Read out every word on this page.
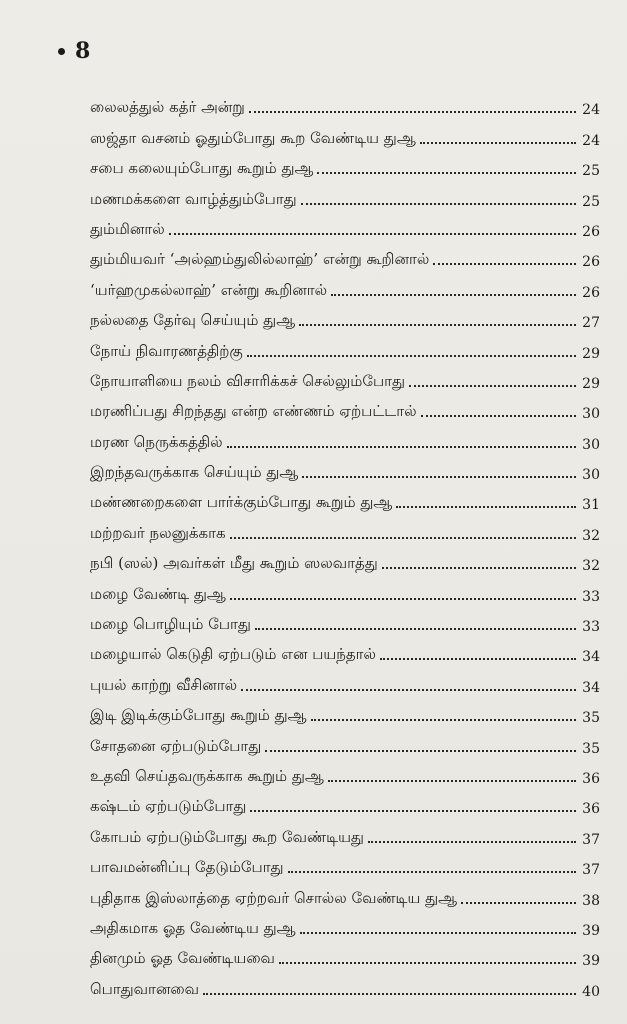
8
லைலத்துல் கத்ர் அன்று	24
ஸஜ்தா வசனம் ஓதும்போது கூற வேண்டிய துஆ	24
சபை கலையும்போது கூறும் துஆ	25
மணமக்களை வாழ்த்தும்போது	25
தும்மினால்	26
தும்மியவர் ‘அல்ஹம்துலில்லாஹ்’ என்று கூறினால்	26
‘யர்ஹமுகல்லாஹ்’ என்று கூறினால்	26
நல்லதை தேர்வு செய்யும் துஆ	27
நோய் நிவாரணத்திற்கு	29
நோயாளியை நலம் விசாரிக்கச் செல்லும்போது	29
மரணிப்பது சிறந்தது என்ற எண்ணம் ஏற்பட்டால்	30
மரண நெருக்கத்தில்	30
இறந்தவருக்காக செய்யும் துஆ	30
மண்ணறைகளை பார்க்கும்போது கூறும் துஆ	31
மற்றவர் நலனுக்காக	32
நபி (ஸல்) அவர்கள் மீது கூறும் ஸலவாத்து	32
மழை வேண்டி துஆ	33
மழை பொழியும் போது	33
மழையால் கெடுதி ஏற்படும் என பயந்தால்	34
புயல் காற்று வீசினால்	34
இடி இடிக்கும்போது கூறும் துஆ	35
சோதனை ஏற்படும்போது	35
உதவி செய்தவருக்காக கூறும் துஆ	36
கஷ்டம் ஏற்படும்போது	36
கோபம் ஏற்படும்போது கூற வேண்டியது	37
பாவமன்னிப்பு தேடும்போது	37
புதிதாக இஸ்லாத்தை ஏற்றவர் சொல்ல வேண்டிய துஆ	38
அதிகமாக ஓத வேண்டிய துஆ	39
தினமும் ஓத வேண்டியவை	39
பொதுவானவை	40
